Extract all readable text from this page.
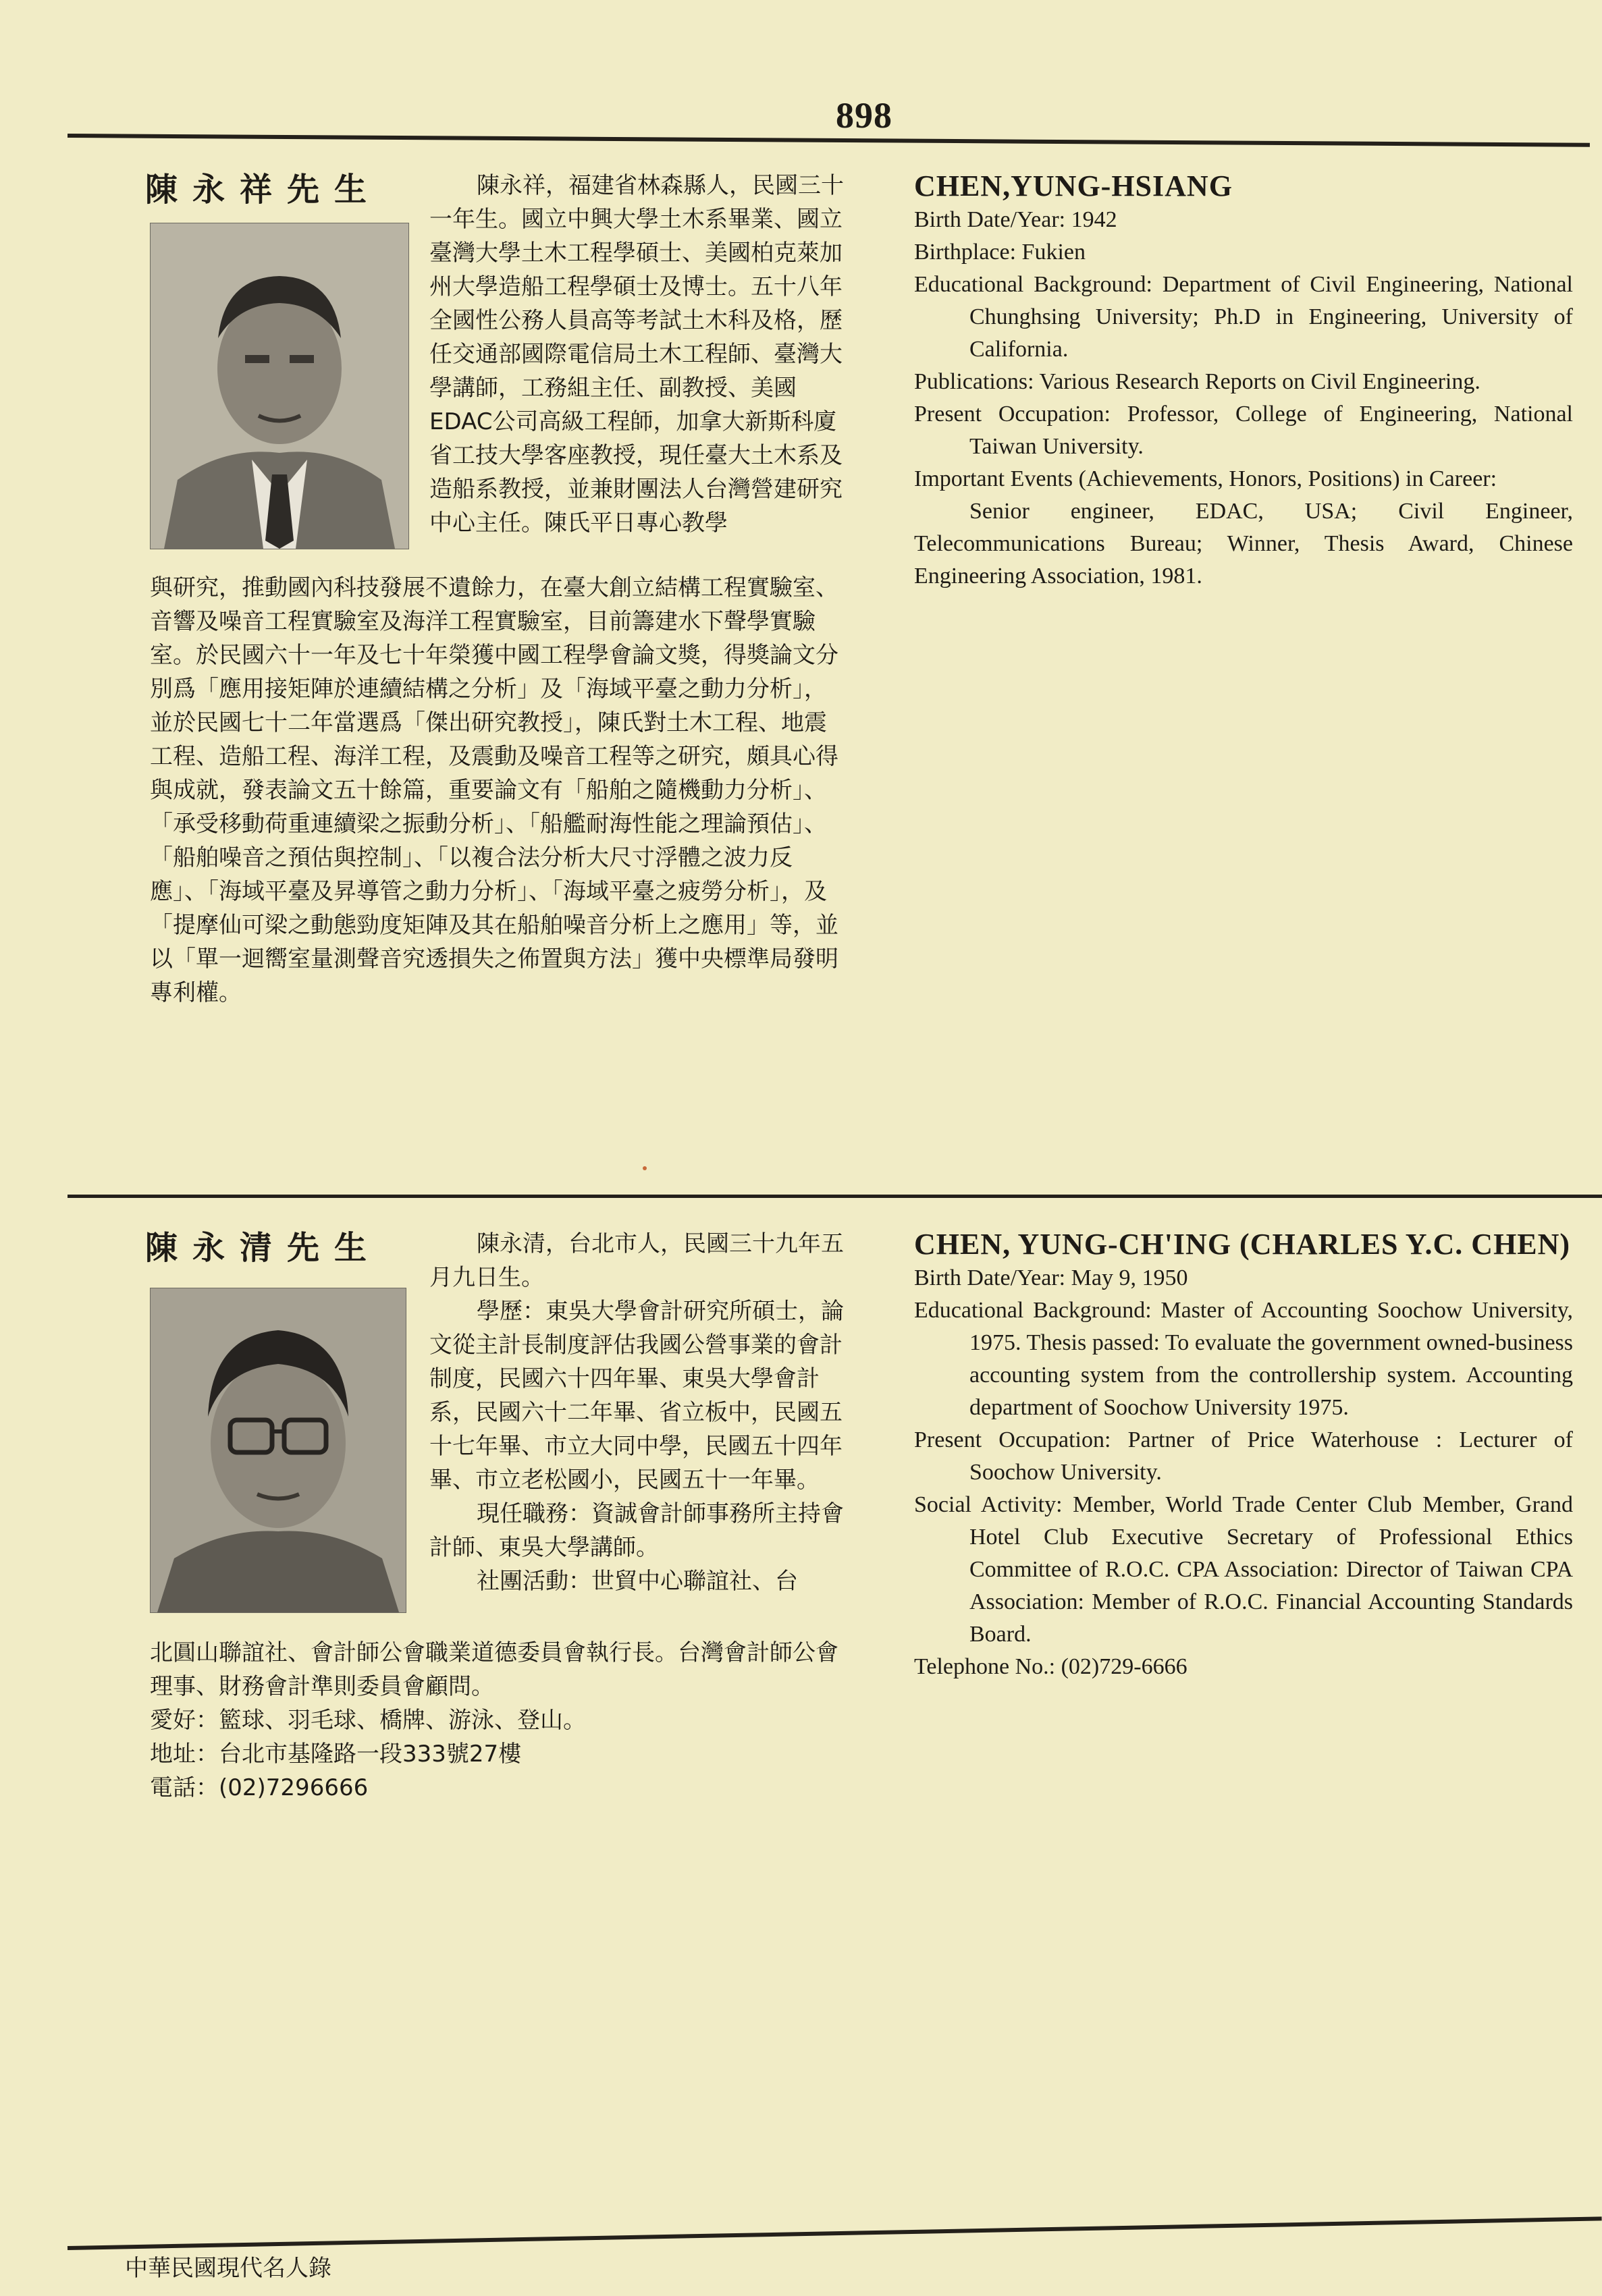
898
陳永祥先生	陳永祥，福建省林森縣人，民國三十一年生。國立中興大學土木系畢業、國立臺灣大學土木工程學碩士、美國柏克萊加州大學造船工程學碩士及博士。五十八年全國性公務人員高等考試土木科及格，歷任交通部國際電信局土木工程師、臺灣大學講師，工務組主任、副教授、美國EDAC公司高級工程師，加拿大新斯科廈省工技大學客座教授，現任臺大土木系及造船系教授，並兼財團法人台灣營建研究中心主任。陳氏平日專心教學
與研究，推動國內科技發展不遺餘力，在臺大創立結構工程實驗室、音響及噪音工程實驗室及海洋工程實驗室，目前籌建水下聲學實驗室。於民國六十一年及七十年榮獲中國工程學會論文獎，得獎論文分別爲「應用接矩陣於連續結構之分析」及「海域平臺之動力分析」，並於民國七十二年當選爲「傑出研究教授」，陳氏對土木工程、地震工程、造船工程、海洋工程，及震動及噪音工程等之研究，頗具心得與成就，發表論文五十餘篇，重要論文有「船舶之隨機動力分析」、「承受移動荷重連續梁之振動分析」、「船艦耐海性能之理論預估」、「船舶噪音之預估與控制」、「以複合法分析大尺寸浮體之波力反應」、「海域平臺及昇導管之動力分析」、「海域平臺之疲勞分析」，及「提摩仙可梁之動態勁度矩陣及其在船舶噪音分析上之應用」等，並以「單一迴嚮室量測聲音究透損失之佈置與方法」獲中央標準局發明專利權。
CHEN,YUNG-HSIANG

Birth Date/Year: 1942

Birthplace: Fukien

Educational Background: Department of Civil Engineering, National Chunghsing University; Ph.D in Engineering, University of California.

Publications: Various Research Reports on Civil Engineering.

Present Occupation: Professor, College of Engineering, National Taiwan University.

Important Events (Achievements, Honors, Positions) in Career:

Senior engineer, EDAC, USA; Civil Engineer, Telecommunications Bureau; Winner, Thesis Award, Chinese Engineering Association, 1981.

陳永清先生	陳永清，台北市人，民國三十九年五月九日生。

學歷：東吳大學會計研究所碩士，論文從主計長制度評估我國公營事業的會計制度，民國六十四年畢、東吳大學會計系，民國六十二年畢、省立板中，民國五十七年畢、市立大同中學，民國五十四年畢、市立老松國小，民國五十一年畢。

現任職務：資誠會計師事務所主持會計師、東吳大學講師。

社團活動：世貿中心聯誼社、台

北圓山聯誼社、會計師公會職業道德委員會執行長。台灣會計師公會理事、財務會計準則委員會顧問。

愛好：籃球、羽毛球、橋牌、游泳、登山。

地址：台北市基隆路一段333號27樓

電話：(02)7296666

CHEN, YUNG-CH'ING (CHARLES Y.C. CHEN)

Birth Date/Year: May 9, 1950

Educational Background: Master of Accounting Soochow University, 1975. Thesis passed: To evaluate the government owned-business accounting system from the controllership system. Accounting department of Soochow University 1975.

Present Occupation: Partner of Price Waterhouse : Lecturer of Soochow University.

Social Activity: Member, World Trade Center Club Member, Grand Hotel Club Executive Secretary of Professional Ethics Committee of R.O.C. CPA Association: Director of Taiwan CPA Association: Member of R.O.C. Financial Accounting Standards Board.

Telephone No.: (02)729-6666

中華民國現代名人錄
